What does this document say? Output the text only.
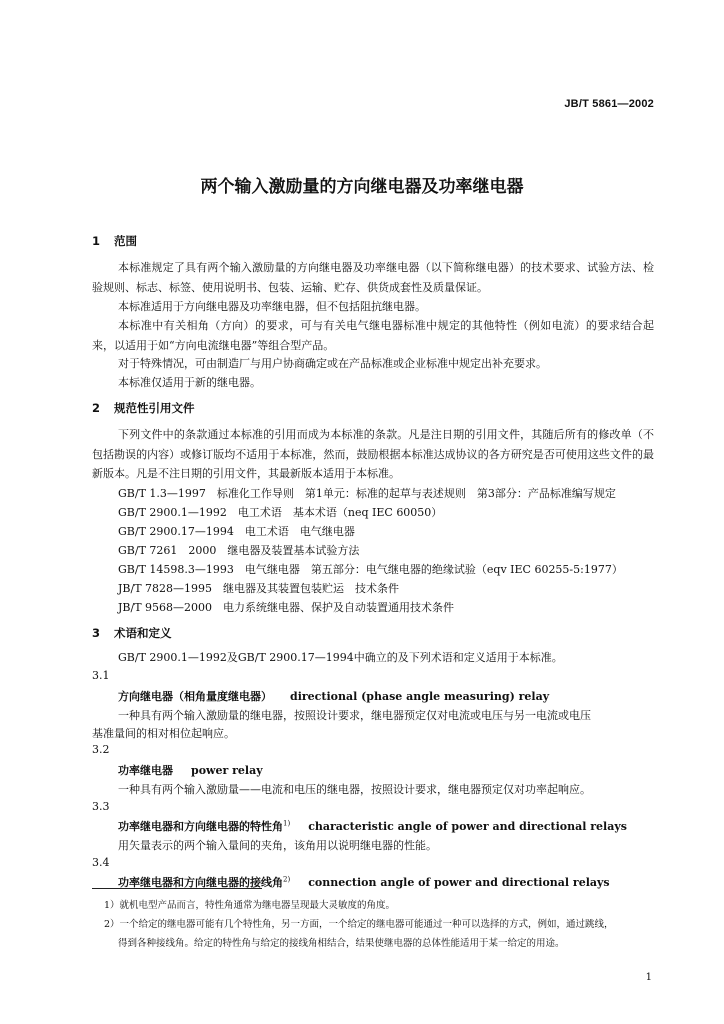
JB/T 5861—2002
两个输入激励量的方向继电器及功率继电器
1 范围
本标准规定了具有两个输入激励量的方向继电器及功率继电器（以下简称继电器）的技术要求、试验方法、检验规则、标志、标签、使用说明书、包装、运输、贮存、供货成套性及质量保证。
本标准适用于方向继电器及功率继电器，但不包括阻抗继电器。
本标准中有关相角（方向）的要求，可与有关电气继电器标准中规定的其他特性（例如电流）的要求结合起来，以适用于如“方向电流继电器”等组合型产品。
对于特殊情况，可由制造厂与用户协商确定或在产品标准或企业标准中规定出补充要求。
本标准仅适用于新的继电器。
2 规范性引用文件
下列文件中的条款通过本标准的引用而成为本标准的条款。凡是注日期的引用文件，其随后所有的修改单（不包括勘误的内容）或修订版均不适用于本标准，然而，鼓励根据本标准达成协议的各方研究是否可使用这些文件的最新版本。凡是不注日期的引用文件，其最新版本适用于本标准。
GB/T 1.3—1997　标准化工作导则　第1单元：标准的起草与表述规则　第3部分：产品标准编写规定
GB/T 2900.1—1992　电工术语　基本术语（neq IEC 60050）
GB/T 2900.17—1994　电工术语　电气继电器
GB/T 7261　2000　继电器及装置基本试验方法
GB/T 14598.3—1993　电气继电器　第五部分：电气继电器的绝缘试验（eqv IEC 60255-5:1977）
JB/T 7828—1995　继电器及其装置包装贮运　技术条件
JB/T 9568—2000　电力系统继电器、保护及自动装置通用技术条件
3 术语和定义
GB/T 2900.1—1992及GB/T 2900.17—1994中确立的及下列术语和定义适用于本标准。
3.1
方向继电器（相角量度继电器） directional (phase angle measuring) relay
一种具有两个输入激励量的继电器，按照设计要求，继电器预定仅对电流或电压与另一电流或电压
基准量间的相对相位起响应。
3.2
功率继电器 power relay
一种具有两个输入激励量——电流和电压的继电器，按照设计要求，继电器预定仅对功率起响应。
3.3
功率继电器和方向继电器的特性角$^{1)}$ characteristic angle of power and directional relays
用矢量表示的两个输入量间的夹角，该角用以说明继电器的性能。
3.4
功率继电器和方向继电器的接线角$^{2)}$ connection angle of power and directional relays
1）就机电型产品而言，特性角通常为继电器呈现最大灵敏度的角度。
2）一个给定的继电器可能有几个特性角，另一方面，一个给定的继电器可能通过一种可以选择的方式，例如，通过跳线，
得到各种接线角。给定的特性角与给定的接线角相结合，结果使继电器的总体性能适用于某一给定的用途。
1
